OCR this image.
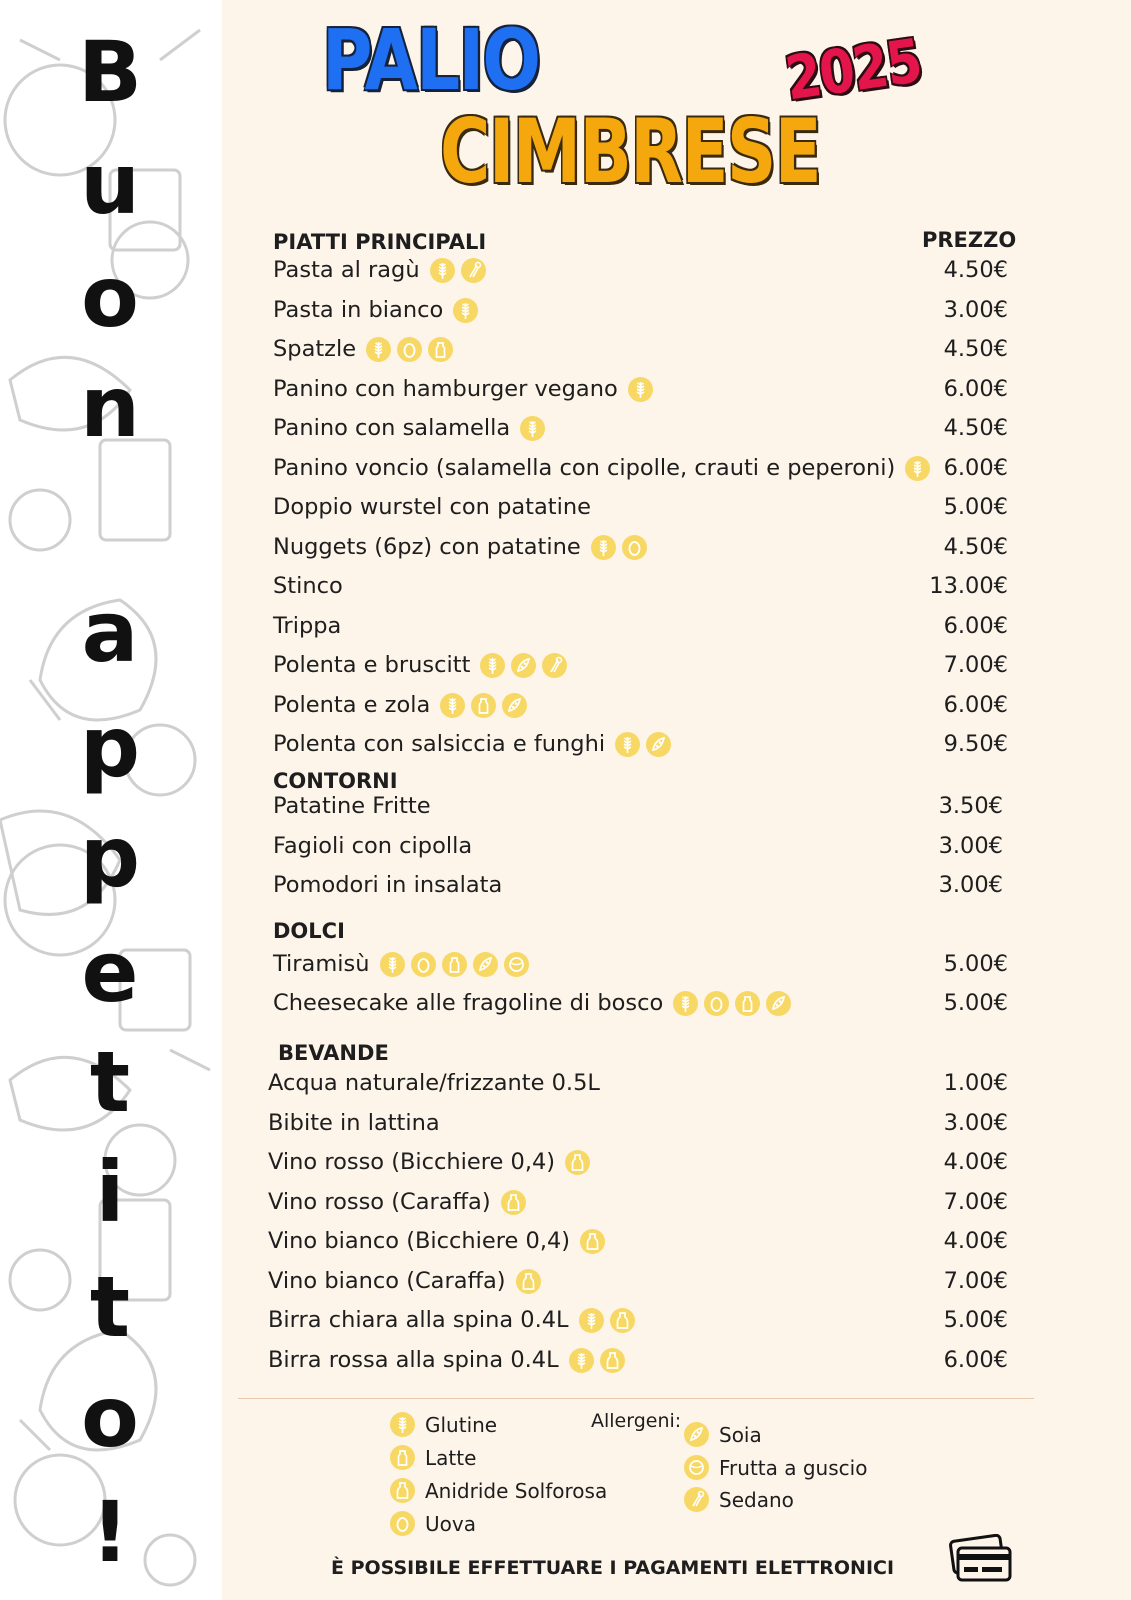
B
u
o
n
a
p
p
e
t
i
t
o
!
PALIO
CIMBRESE
2025
PIATTI PRINCIPALI	PREZZO
CONTORNI
DOLCI
BEVANDE
Pasta al ragù	4.50€
Pasta in bianco	3.00€
Spatzle	4.50€
Panino con hamburger vegano	6.00€
Panino con salamella	4.50€
Panino voncio (salamella con cipolle, crauti e peperoni)	6.00€
Doppio wurstel con patatine	5.00€
Nuggets (6pz) con patatine	4.50€
Stinco	13.00€
Trippa	6.00€
Polenta e bruscitt	7.00€
Polenta e zola	6.00€
Polenta con salsiccia e funghi	9.50€
Patatine Fritte	3.50€
Fagioli con cipolla	3.00€
Pomodori in insalata	3.00€
Tiramisù	5.00€
Cheesecake alle fragoline di bosco	5.00€
Acqua naturale/frizzante 0.5L	1.00€
Bibite in lattina	3.00€
Vino rosso (Bicchiere 0,4)	4.00€
Vino rosso (Caraffa)	7.00€
Vino bianco (Bicchiere 0,4)	4.00€
Vino bianco (Caraffa)	7.00€
Birra chiara alla spina 0.4L	5.00€
Birra rossa alla spina 0.4L	6.00€
Allergeni:
Glutine
Latte
Anidride Solforosa
Uova
Soia
Frutta a guscio
Sedano
È POSSIBILE EFFETTUARE I PAGAMENTI ELETTRONICI
